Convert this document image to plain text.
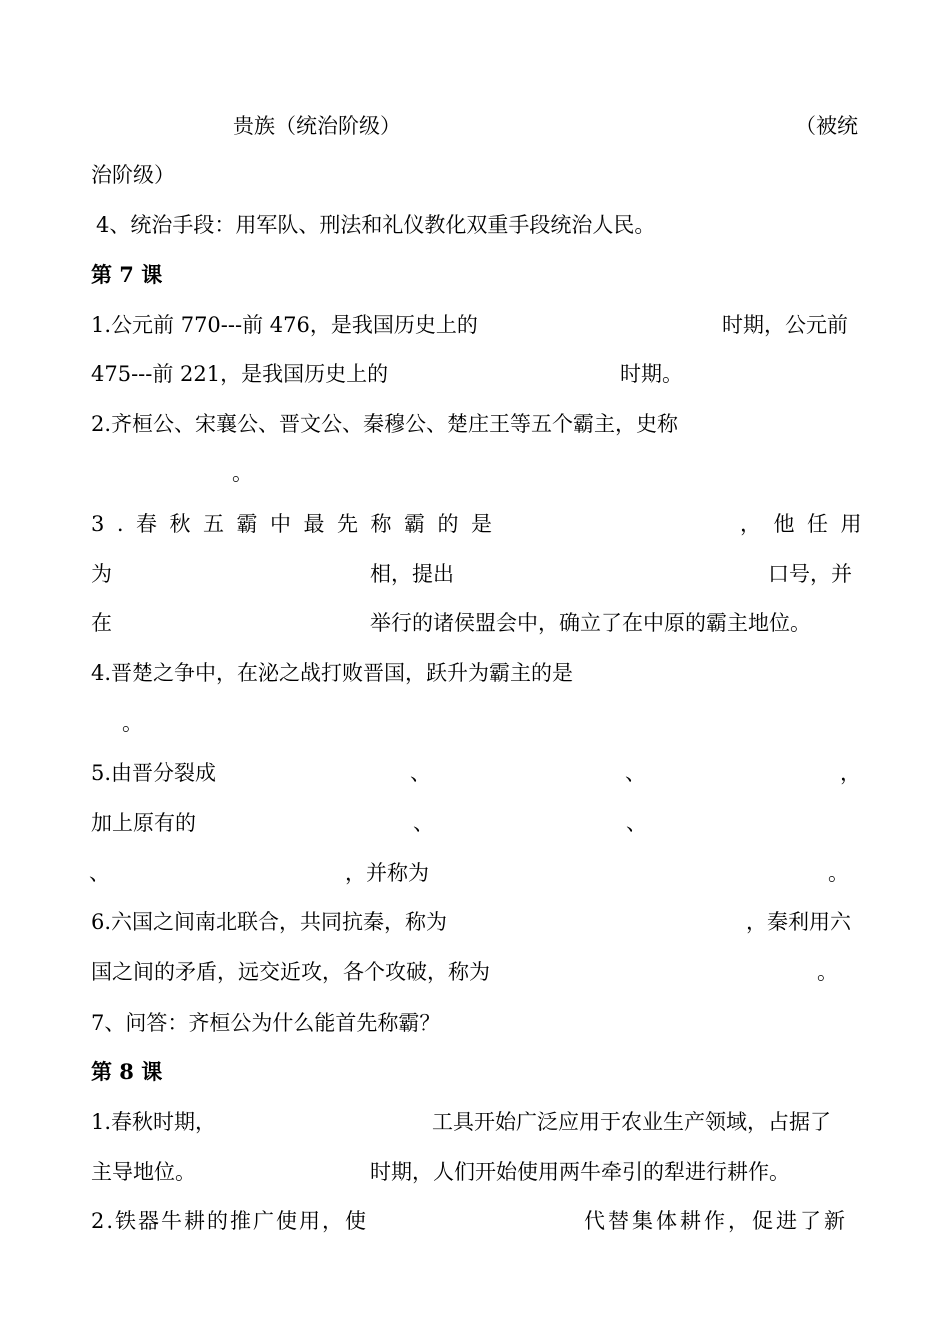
贵族（统治阶级）	（被统
治阶级）
4、统治手段：用军队、刑法和礼仪教化双重手段统治人民。
第 7 课
1.公元前 770---前 476，是我国历史上的	时期，公元前
475---前 221，是我国历史上的	时期。
2.齐桓公、宋襄公、晋文公、秦穆公、楚庄王等五个霸主，史称
。
3.春秋五霸中最先称霸的是	，他任用
为	相，提出	口号，并
在	举行的诸侯盟会中，确立了在中原的霸主地位。
4.晋楚之争中，在泌之战打败晋国，跃升为霸主的是
。
5.由晋分裂成	、	、	，
加上原有的	、	、
、	，并称为	。
6.六国之间南北联合，共同抗秦，称为	，秦利用六
国之间的矛盾，远交近攻，各个攻破，称为	。
7、问答：齐桓公为什么能首先称霸？
第 8 课
1.春秋时期，	工具开始广泛应用于农业生产领域，占据了
主导地位。	时期，人们开始使用两牛牵引的犁进行耕作。
2.铁器牛耕的推广使用，使	代替集体耕作，促进了新
